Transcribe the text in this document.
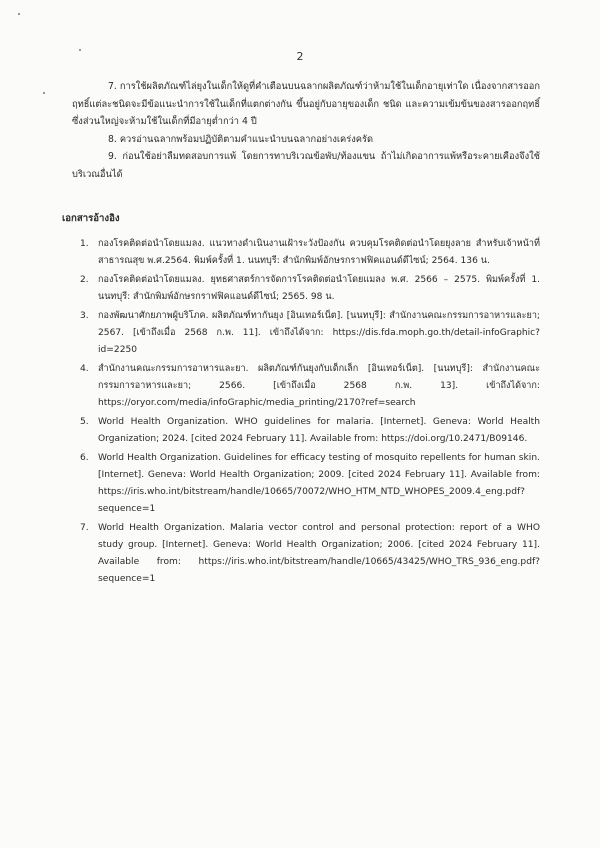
2

7. การใช้ผลิตภัณฑ์ไล่ยุงในเด็กให้ดูที่คำเตือนบนฉลากผลิตภัณฑ์ว่าห้ามใช้ในเด็กอายุเท่าใด เนื่องจากสารออกฤทธิ์แต่ละชนิดจะมีข้อแนะนำการใช้ในเด็กที่แตกต่างกัน ขึ้นอยู่กับอายุของเด็ก ชนิด และความเข้มข้นของสารออกฤทธิ์ ซึ่งส่วนใหญ่จะห้ามใช้ในเด็กที่มีอายุต่ำกว่า 4 ปี

8. ควรอ่านฉลากพร้อมปฏิบัติตามคำแนะนำบนฉลากอย่างเคร่งครัด

9. ก่อนใช้อย่าลืมทดสอบการแพ้ โดยการทาบริเวณข้อพับ/ท้องแขน ถ้าไม่เกิดอาการแพ้หรือระคายเคืองจึงใช้บริเวณอื่นได้

เอกสารอ้างอิง
1.	กองโรคติดต่อนำโดยแมลง. แนวทางดำเนินงานเฝ้าระวังป้องกัน ควบคุมโรคติดต่อนำโดยยุงลาย สำหรับเจ้าหน้าที่สาธารณสุข พ.ศ.2564. พิมพ์ครั้งที่ 1. นนทบุรี: สำนักพิมพ์อักษรกราฟฟิคแอนด์ดีไซน์; 2564. 136 น.
2.	กองโรคติดต่อนำโดยแมลง. ยุทธศาสตร์การจัดการโรคติดต่อนำโดยแมลง พ.ศ. 2566 – 2575. พิมพ์ครั้งที่ 1. นนทบุรี: สำนักพิมพ์อักษรกราฟฟิคแอนด์ดีไซน์; 2565. 98 น.
3.	กองพัฒนาศักยภาพผู้บริโภค. ผลิตภัณฑ์ทากันยุง [อินเทอร์เน็ต]. [นนทบุรี]: สำนักงานคณะกรรมการอาหารและยา; 2567. [เข้าถึงเมื่อ 2568 ก.พ. 11]. เข้าถึงได้จาก: https://dis.fda.moph.go.th/detail-infoGraphic?id=2250
4.	สำนักงานคณะกรรมการอาหารและยา. ผลิตภัณฑ์กันยุงกับเด็กเล็ก [อินเทอร์เน็ต]. [นนทบุรี]: สำนักงานคณะกรรมการอาหารและยา; 2566. [เข้าถึงเมื่อ 2568 ก.พ. 13]. เข้าถึงได้จาก: https://oryor.com/media/infoGraphic/media_printing/2170?ref=search
5.	World Health Organization. WHO guidelines for malaria. [Internet]. Geneva: World Health Organization; 2024. [cited 2024 February 11]. Available from: https://doi.org/10.2471/B09146.
6.	World Health Organization. Guidelines for efficacy testing of mosquito repellents for human skin. [Internet]. Geneva: World Health Organization; 2009. [cited 2024 February 11]. Available from: https://iris.who.int/bitstream/handle/10665/70072/WHO_HTM_NTD_WHOPES_2009.4_eng.pdf?sequence=1
7.	World Health Organization. Malaria vector control and personal protection: report of a WHO study group. [Internet]. Geneva: World Health Organization; 2006. [cited 2024 February 11]. Available from: https://iris.who.int/bitstream/handle/10665/43425/WHO_TRS_936_eng.pdf?sequence=1
